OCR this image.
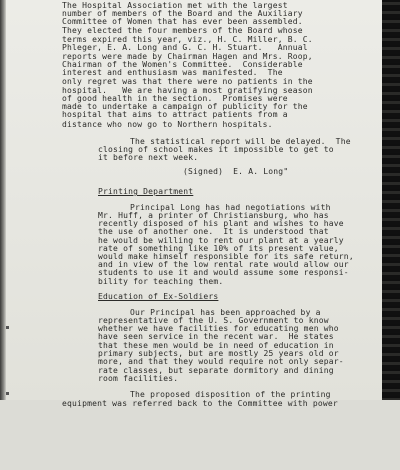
The Hospital Association met with the largest

number of members of the Board and the Auxiliary

Committee of Women that has ever been assembled.

They elected the four members of the Board whose

terms expired this year, viz., H. C. Miller, B. C.

Phleger, E. A. Long and G. C. H. Stuart.   Annual

reports were made by Chairman Hagen and Mrs. Roop,

Chairman of the Women's Committee.  Considerable

interest and enthusiasm was manifested.  The

only regret was that there were no patients in the

hospital.   We are having a most gratifying season

of good health in the section.  Promises were

made to undertake a campaign of publicity for the

hospital that aims to attract patients from a

distance who now go to Northern hospitals.

The statistical report will be delayed.  The

closing of school makes it impossible to get to

it before next week.

(Signed)  E. A. Long"

Printing Department

Principal Long has had negotiations with

Mr. Huff, a printer of Christiansburg, who has

recently disposed of his plant and wishes to have

the use of another one.  It is understood that

he would be willing to rent our plant at a yearly

rate of something like 10% of its present value,

would make himself responsible for its safe return,

and in view of the low rental rate would allow our

students to use it and would assume some responsi-

bility for teaching them.

Education of Ex-Soldiers

Our Principal has been approached by a

representative of the U. S. Government to know

whether we have facilities for educating men who

have seen service in the recent war.  He states

that these men would be in need of education in

primary subjects, but are mostly 25 years old or

more, and that they would require not only separ-

rate classes, but separate dormitory and dining

room facilities.

The proposed disposition of the printing

equipment was referred back to the Committee with power
